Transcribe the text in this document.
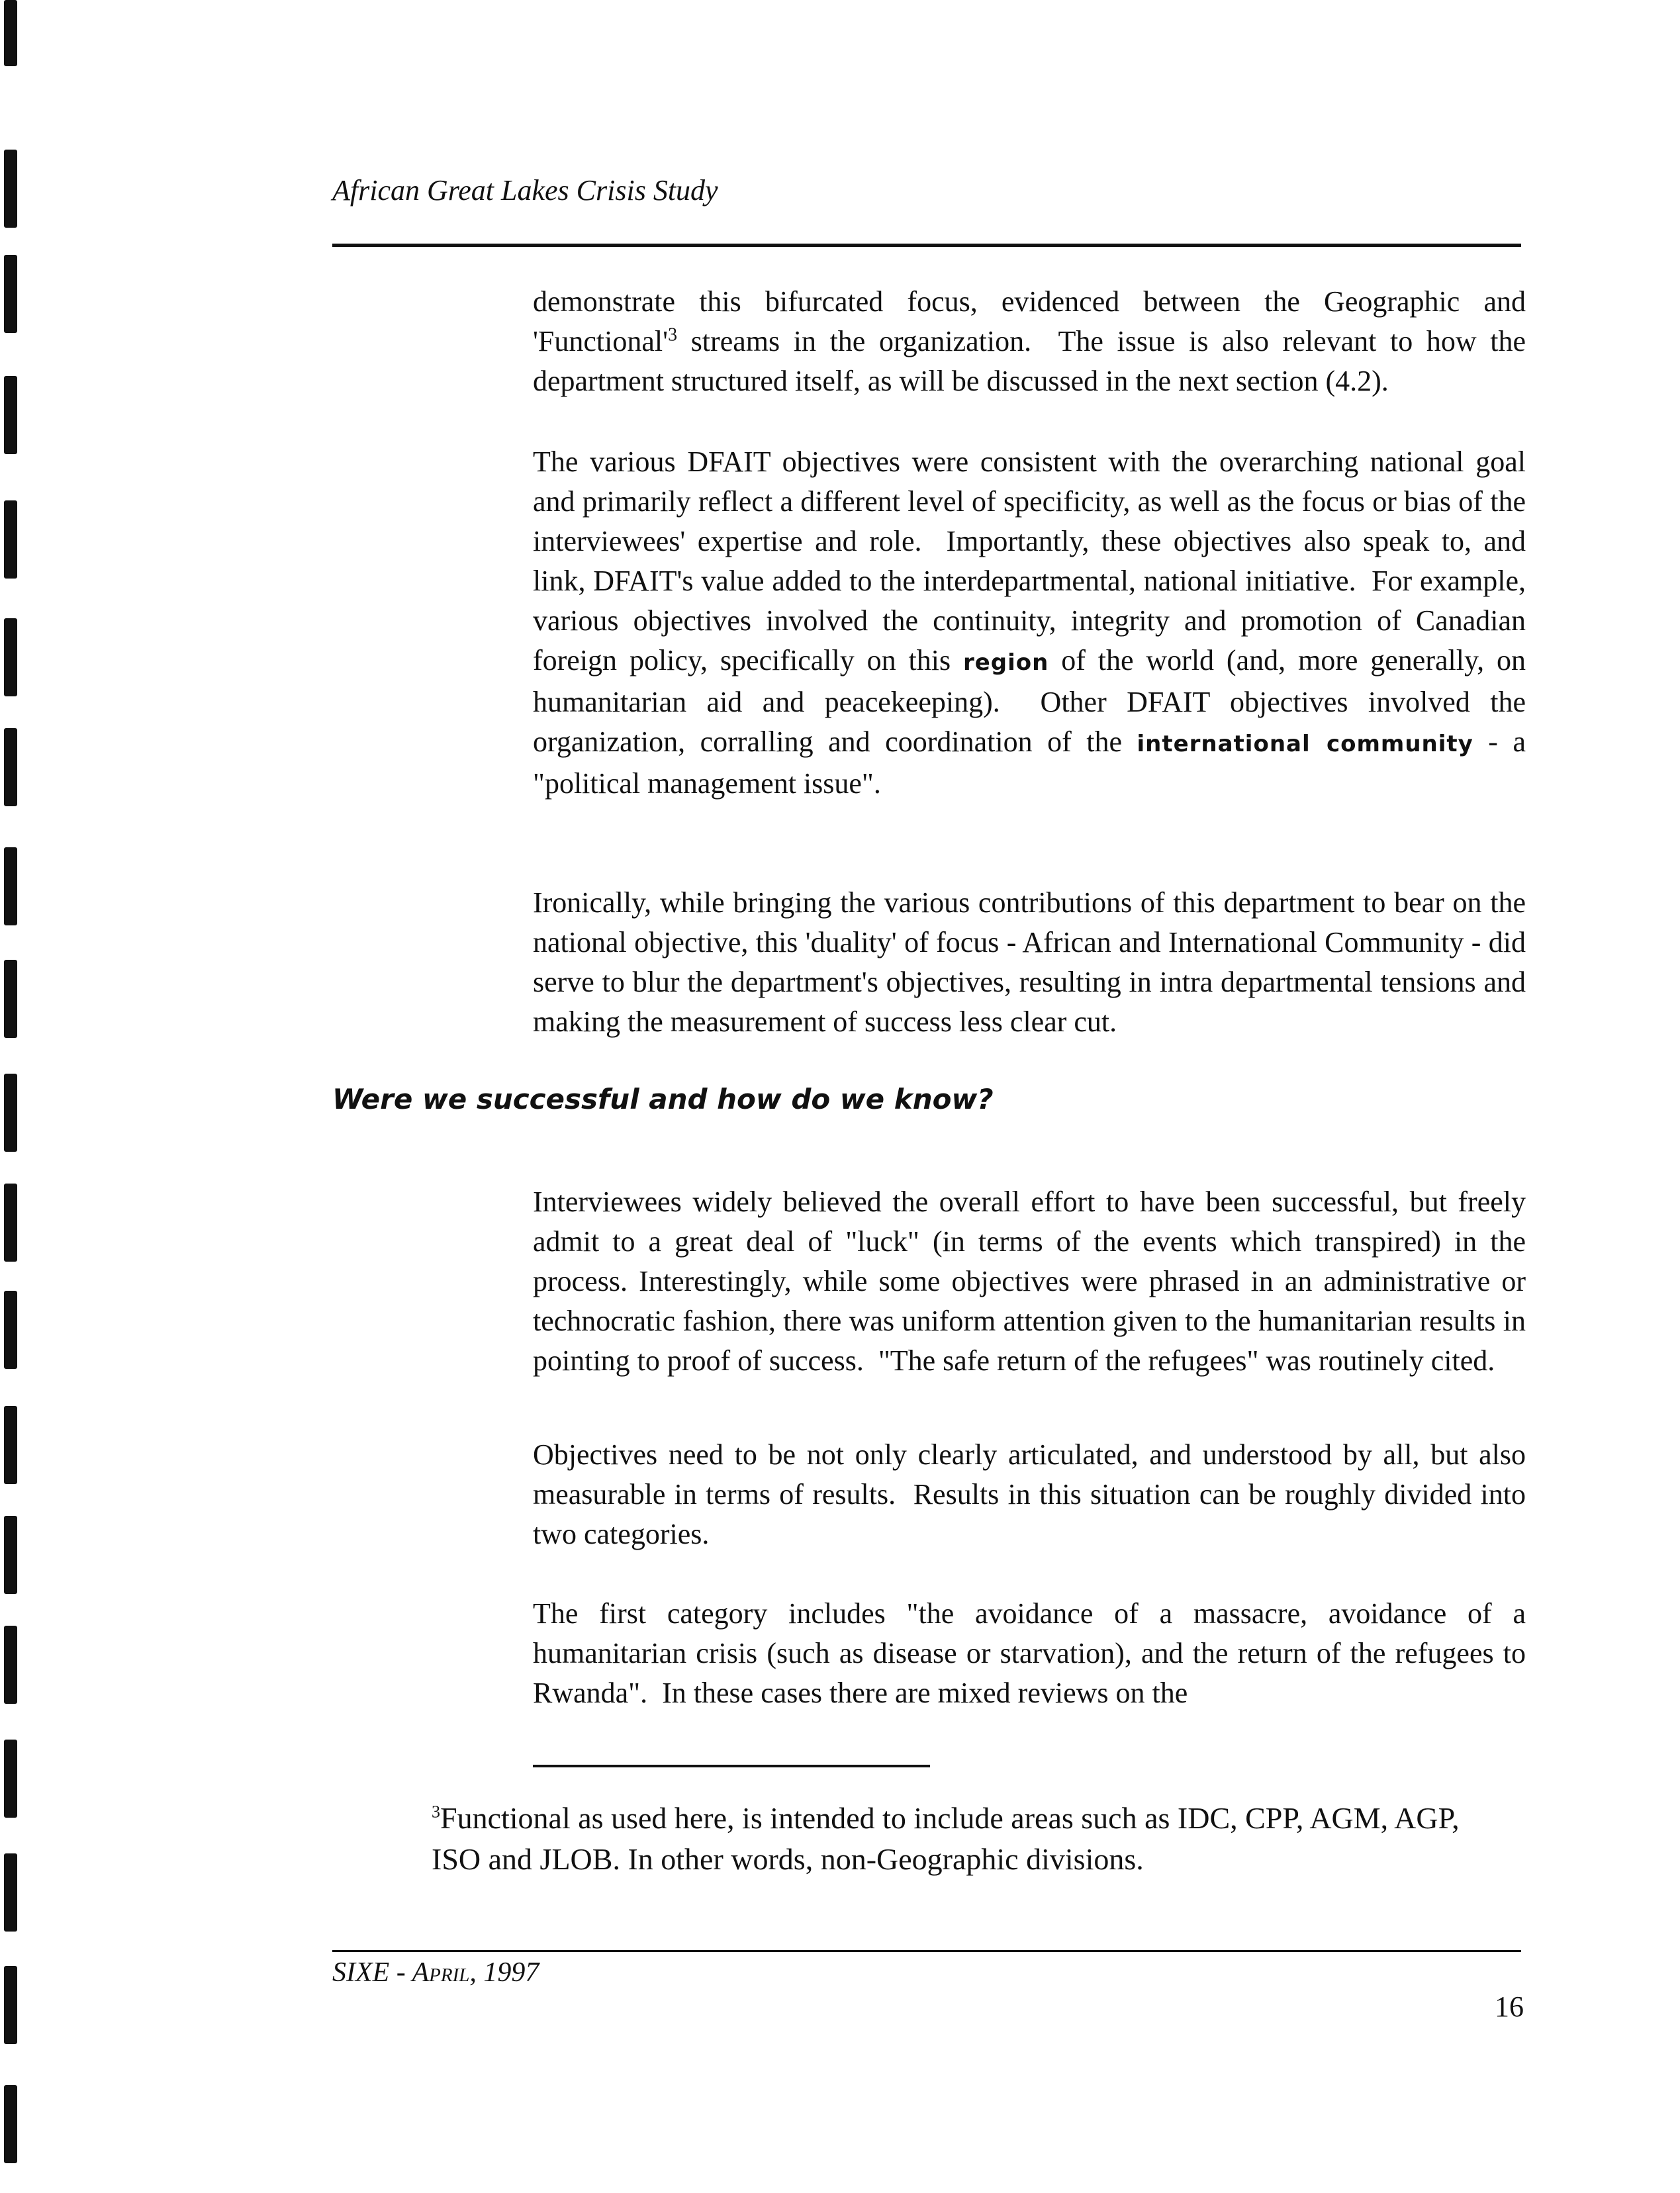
African Great Lakes Crisis Study

demonstrate this bifurcated focus, evidenced between the Geographic and '$Functional'^3$ streams in the organization.  The issue is also relevant to how the department structured itself, as will be discussed in the next section (4.2).

The various DFAIT objectives were consistent with the overarching national goal and primarily reflect a different level of specificity, as well as the focus or bias of the interviewees' expertise and role.  Importantly, these objectives also speak to, and link, DFAIT's value added to the interdepartmental, national initiative.  For example, various objectives involved the continuity, integrity and promotion of Canadian foreign policy, specifically on this region of the world (and, more generally, on humanitarian aid and peacekeeping).  Other DFAIT objectives involved the organization, corralling and coordination of the international community - a "political management issue".

Ironically, while bringing the various contributions of this department to bear on the national objective, this 'duality' of focus - African and International Community - did serve to blur the department's objectives, resulting in intra departmental tensions and making the measurement of success less clear cut.

Were we successful and how do we know?

Interviewees widely believed the overall effort to have been successful, but freely admit to a great deal of "luck" (in terms of the events which transpired) in the process. Interestingly, while some objectives were phrased in an administrative or technocratic fashion, there was uniform attention given to the humanitarian results in pointing to proof of success.  "The safe return of the refugees" was routinely cited.

Objectives need to be not only clearly articulated, and understood by all, but also measurable in terms of results.  Results in this situation can be roughly divided into two categories.

The first category includes "the avoidance of a massacre, avoidance of a humanitarian crisis (such as disease or starvation), and the return of the refugees to Rwanda".  In these cases there are mixed reviews on the

$^3$Functional as used here, is intended to include areas such as IDC, CPP, AGM, AGP, ISO and JLOB. In other words, non-Geographic divisions.

SIXE - April, 1997
16
